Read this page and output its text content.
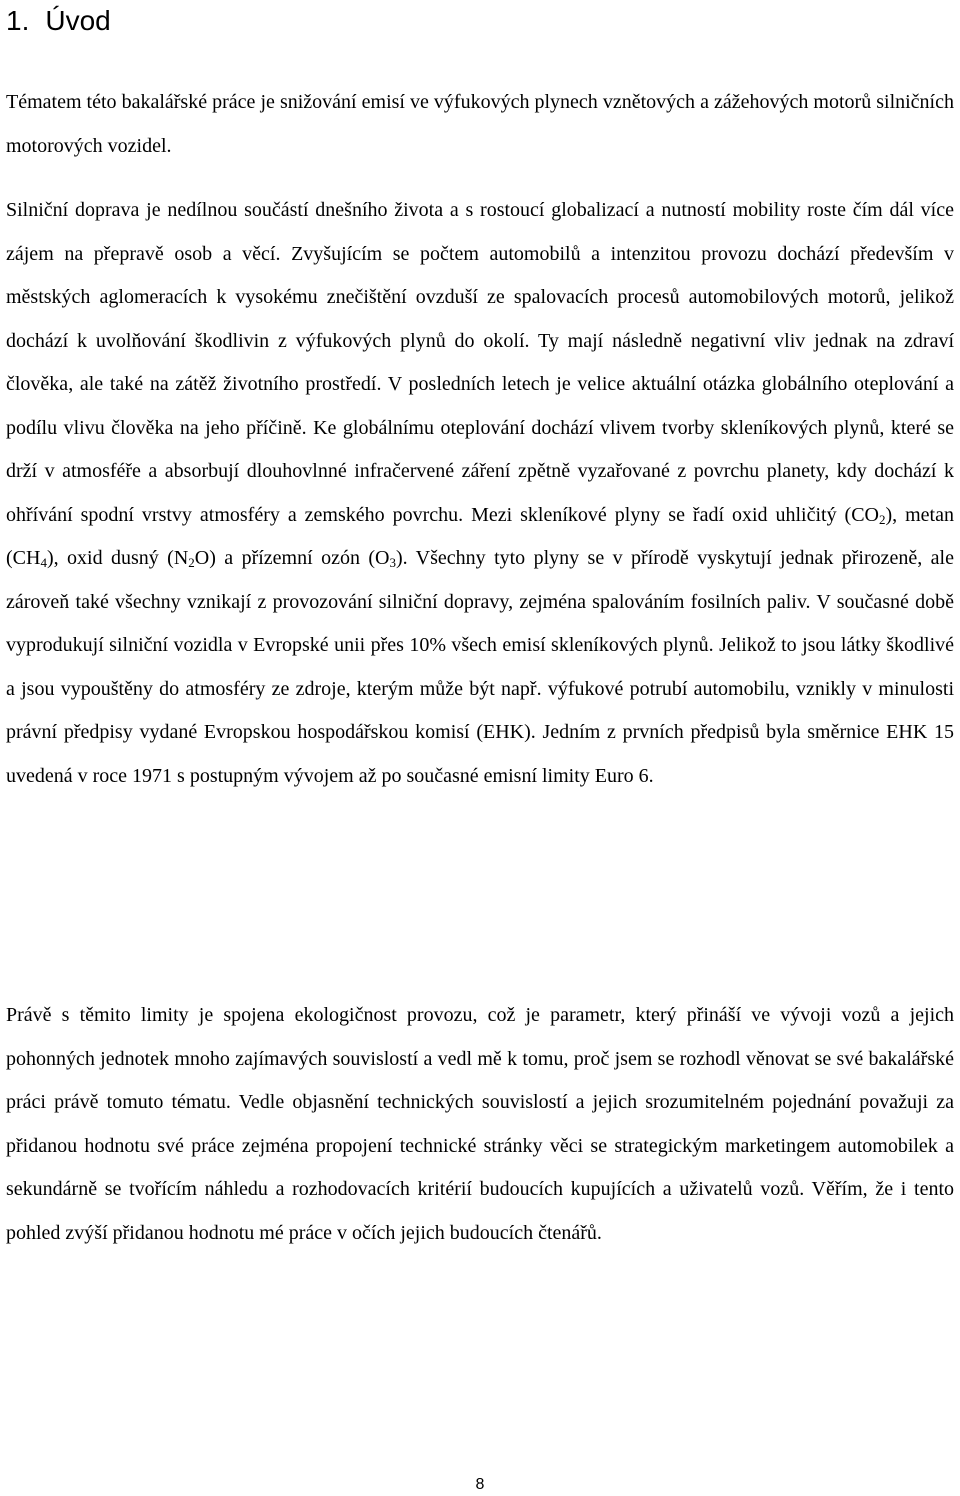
1. Úvod

Tématem této bakalářské práce je snižování emisí ve výfukových plynech vznětových a zážehových motorů silničních motorových vozidel.

Silniční doprava je nedílnou součástí dnešního života a s rostoucí globalizací a nutností mobility roste čím dál více zájem na přepravě osob a věcí. Zvyšujícím se počtem automobilů a intenzitou provozu dochází především v městských aglomeracích k vysokému znečištění ovzduší ze spalovacích procesů automobilových motorů, jelikož dochází k uvolňování škodlivin z výfukových plynů do okolí. Ty mají následně negativní vliv jednak na zdraví člověka, ale také na zátěž životního prostředí. V posledních letech je velice aktuální otázka globálního oteplování a podílu vlivu člověka na jeho příčině. Ke globálnímu oteplování dochází vlivem tvorby skleníkových plynů, které se drží v atmosféře a absorbují dlouhovlnné infračervené záření zpětně vyzařované z povrchu planety, kdy dochází k ohřívání spodní vrstvy atmosféry a zemského povrchu. Mezi skleníkové plyny se řadí oxid uhličitý $(CO_2)$, metan $(CH_4)$, oxid dusný $(N_2O)$ a přízemní ozón $(O_3)$. Všechny tyto plyny se v přírodě vyskytují jednak přirozeně, ale zároveň také všechny vznikají z provozování silniční dopravy, zejména spalováním fosilních paliv. V současné době vyprodukují silniční vozidla v Evropské unii přes 10% všech emisí skleníkových plynů. Jelikož to jsou látky škodlivé a jsou vypouštěny do atmosféry ze zdroje, kterým může být např. výfukové potrubí automobilu, vznikly v minulosti právní předpisy vydané Evropskou hospodářskou komisí (EHK). Jedním z prvních předpisů byla směrnice EHK 15 uvedená v roce 1971 s postupným vývojem až po současné emisní limity Euro 6.

Právě s těmito limity je spojena ekologičnost provozu, což je parametr, který přináší ve vývoji vozů a jejich pohonných jednotek mnoho zajímavých souvislostí a vedl mě k tomu, proč jsem se rozhodl věnovat se své bakalářské práci právě tomuto tématu. Vedle objasnění technických souvislostí a jejich srozumitelném pojednání považuji za přidanou hodnotu své práce zejména propojení technické stránky věci se strategickým marketingem automobilek a sekundárně se tvořícím náhledu a rozhodovacích kritérií budoucích kupujících a uživatelů vozů. Věřím, že i tento pohled zvýší přidanou hodnotu mé práce v očích jejich budoucích čtenářů.

8
